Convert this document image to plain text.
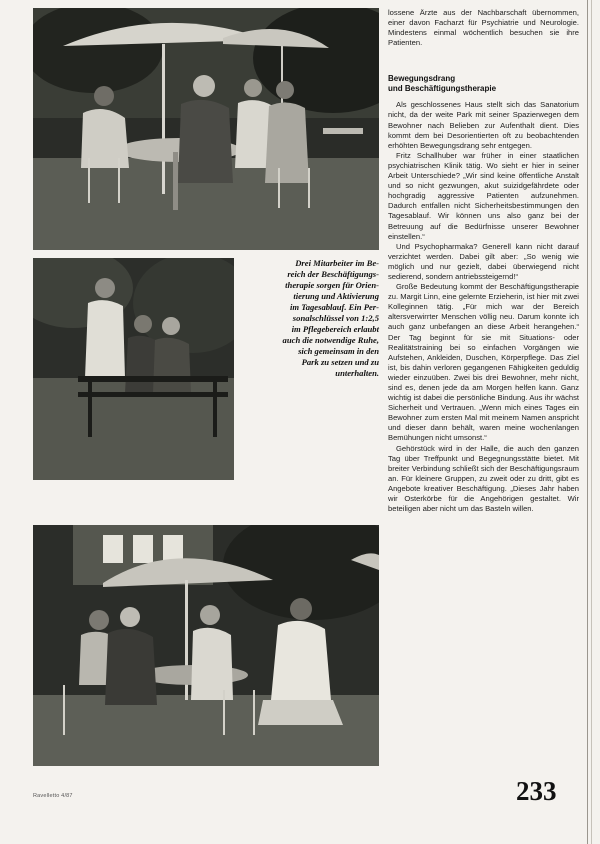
Drei Mitarbeiter im Be-

reich der Beschäftigungs-

therapie sorgen für Orien-

tierung und Aktivierung

im Tagesablauf. Ein Per-

sonalschlüssel von 1:2,5

im Pflegebereich erlaubt

auch die notwendige Ruhe,

sich gemeinsam in den

Park zu setzen und zu

unterhalten.

lossene Ärzte aus der Nachbarschaft übernommen, einer davon Facharzt für Psychiatrie und Neurologie. Mindestens einmal wöchentlich besuchen sie ihre Patienten.

Bewegungsdrang
und Beschäftigungstherapie

Als geschlossenes Haus stellt sich das Sanatorium nicht, da der weite Park mit seiner Spazierwegen dem Bewohner nach Belieben zur Aufenthalt dient. Dies kommt dem bei Desorientierten oft zu beobachtenden erhöhten Bewegungsdrang sehr entgegen.

Fritz Schallhuber war früher in einer staatlichen psychiatrischen Klinik tätig. Wo sieht er hier in seiner Arbeit Unterschiede? „Wir sind keine öffentliche Anstalt und so nicht gezwungen, akut suizidgefährdete oder hochgradig aggressive Patienten aufzunehmen. Dadurch entfallen nicht Sicherheitsbestimmungen den Tagesablauf. Wir können uns also ganz bei der Betreuung auf die Bedürfnisse unserer Bewohner einstellen.“

Und Psychopharmaka? Generell kann nicht darauf verzichtet werden. Dabei gilt aber: „So wenig wie möglich und nur gezielt, dabei überwiegend nicht sedierend, sondern antriebssteigernd!“

Große Bedeutung kommt der Beschäftigungstherapie zu. Margit Linn, eine gelernte Erzieherin, ist hier mit zwei Kolleginnen tätig. „Für mich war der Bereich altersverwirrter Menschen völlig neu. Darum konnte ich auch ganz unbefangen an diese Arbeit herangehen.“ Der Tag beginnt für sie mit Situations- oder Realitätstraining bei so einfachen Vorgängen wie Aufstehen, Ankleiden, Duschen, Körperpflege. Das Ziel ist, bis dahin verloren gegangenen Fähigkeiten geduldig wieder einzuüben. Zwei bis drei Bewohner, mehr nicht, sind es, denen jede da am Morgen helfen kann. Ganz wichtig ist dabei die persönliche Bindung. Aus ihr wächst Sicherheit und Vertrauen. „Wenn mich eines Tages ein Bewohner zum ersten Mal mit meinem Namen anspricht und dieser dann behält, waren meine wochenlangen Bemühungen nicht umsonst.“

Gehörstück wird in der Halle, die auch den ganzen Tag über Treffpunkt und Begegnungsstätte bietet. Mit breiter Verbindung schließt sich der Beschäftigungsraum an. Für kleinere Gruppen, zu zweit oder zu dritt, gibt es Angebote kreativer Beschäftigung. „Dieses Jahr haben wir Osterkörbe für die Angehörigen gestaltet. Wir beteiligen aber nicht um das Basteln willen.

Ravelletto 4/87	233
